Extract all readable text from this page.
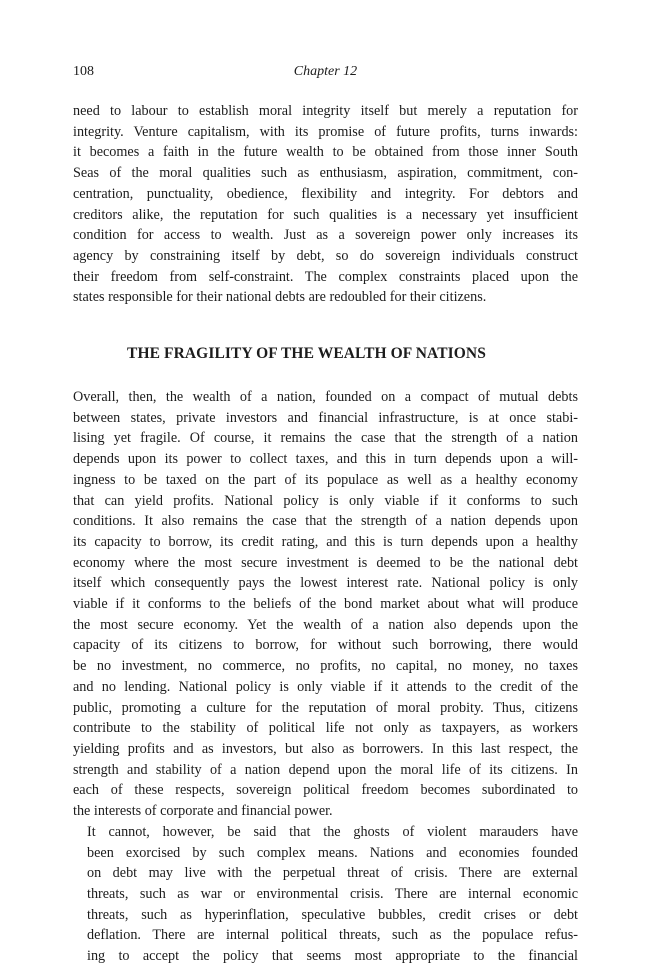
108	Chapter 12

need to labour to establish moral integrity itself but merely a reputation for
integrity. Venture capitalism, with its promise of future profits, turns inwards:
it becomes a faith in the future wealth to be obtained from those inner South
Seas of the moral qualities such as enthusiasm, aspiration, commitment, con-
centration, punctuality, obedience, flexibility and integrity. For debtors and
creditors alike, the reputation for such qualities is a necessary yet insufficient
condition for access to wealth. Just as a sovereign power only increases its
agency by constraining itself by debt, so do sovereign individuals construct
their freedom from self-constraint. The complex constraints placed upon the
states responsible for their national debts are redoubled for their citizens.

THE FRAGILITY OF THE WEALTH OF NATIONS

Overall, then, the wealth of a nation, founded on a compact of mutual debts
between states, private investors and financial infrastructure, is at once stabi-
lising yet fragile. Of course, it remains the case that the strength of a nation
depends upon its power to collect taxes, and this in turn depends upon a will-
ingness to be taxed on the part of its populace as well as a healthy economy
that can yield profits. National policy is only viable if it conforms to such
conditions. It also remains the case that the strength of a nation depends upon
its capacity to borrow, its credit rating, and this is turn depends upon a healthy
economy where the most secure investment is deemed to be the national debt
itself which consequently pays the lowest interest rate. National policy is only
viable if it conforms to the beliefs of the bond market about what will produce
the most secure economy. Yet the wealth of a nation also depends upon the
capacity of its citizens to borrow, for without such borrowing, there would
be no investment, no commerce, no profits, no capital, no money, no taxes
and no lending. National policy is only viable if it attends to the credit of the
public, promoting a culture for the reputation of moral probity. Thus, citizens
contribute to the stability of political life not only as taxpayers, as workers
yielding profits and as investors, but also as borrowers. In this last respect, the
strength and stability of a nation depend upon the moral life of its citizens. In
each of these respects, sovereign political freedom becomes subordinated to
the interests of corporate and financial power.

It cannot, however, be said that the ghosts of violent marauders have
been exorcised by such complex means. Nations and economies founded
on debt may live with the perpetual threat of crisis. There are external
threats, such as war or environmental crisis. There are internal economic
threats, such as hyperinflation, speculative bubbles, credit crises or debt
deflation. There are internal political threats, such as the populace refus-
ing to accept the policy that seems most appropriate to the financial
